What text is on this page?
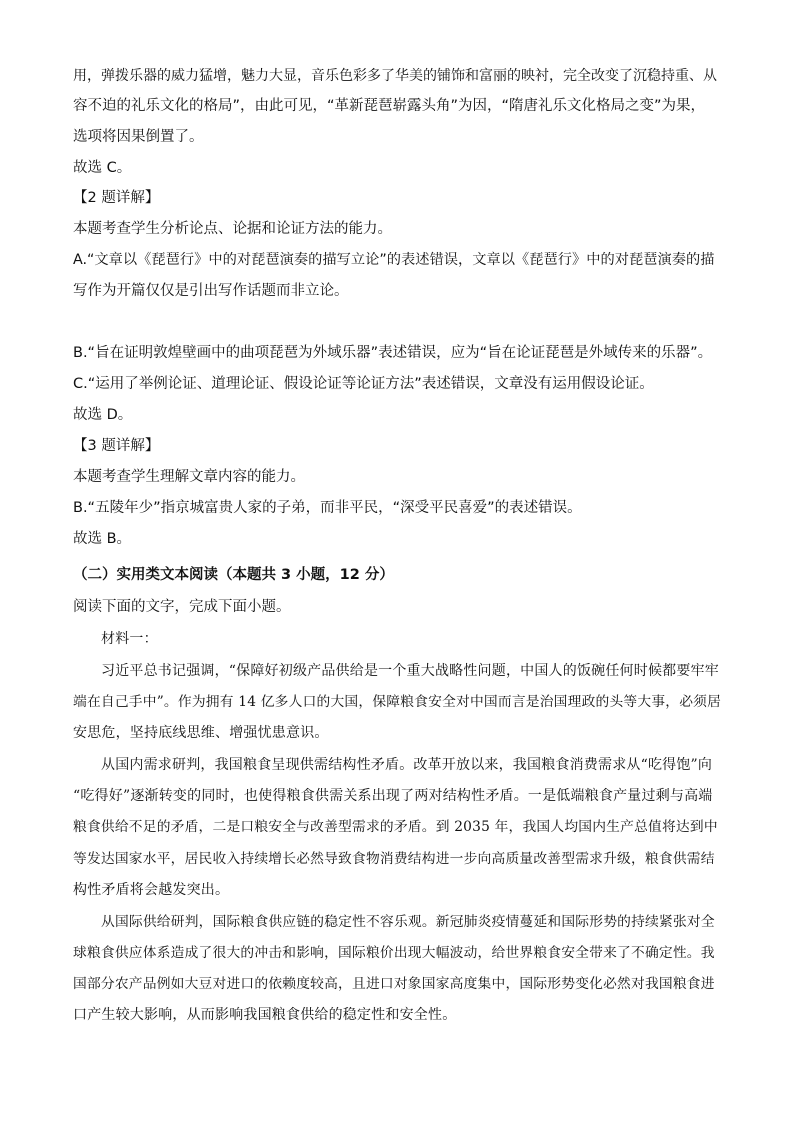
用，弹拨乐器的威力猛增，魅力大显，音乐色彩多了华美的铺饰和富丽的映衬，完全改变了沉稳持重、从
容不迫的礼乐文化的格局”，由此可见，“革新琵琶崭露头角”为因，“隋唐礼乐文化格局之变”为果，
选项将因果倒置了。
故选 C。
【2 题详解】
本题考查学生分析论点、论据和论证方法的能力。
A.“文章以《琵琶行》中的对琵琶演奏的描写立论”的表述错误，文章以《琵琶行》中的对琵琶演奏的描
写作为开篇仅仅是引出写作话题而非立论。
B.“旨在证明敦煌壁画中的曲项琵琶为外域乐器”表述错误，应为“旨在论证琵琶是外域传来的乐器”。
C.“运用了举例论证、道理论证、假设论证等论证方法”表述错误，文章没有运用假设论证。
故选 D。
【3 题详解】
本题考查学生理解文章内容的能力。
B.“五陵年少”指京城富贵人家的子弟，而非平民，“深受平民喜爱”的表述错误。
故选 B。
（二）实用类文本阅读（本题共 3 小题，12 分）
阅读下面的文字，完成下面小题。
材料一：
习近平总书记强调，“保障好初级产品供给是一个重大战略性问题，中国人的饭碗任何时候都要牢牢
端在自己手中”。作为拥有 14 亿多人口的大国，保障粮食安全对中国而言是治国理政的头等大事，必须居
安思危，坚持底线思维、增强忧患意识。
从国内需求研判，我国粮食呈现供需结构性矛盾。改革开放以来，我国粮食消费需求从“吃得饱”向
“吃得好”逐渐转变的同时，也使得粮食供需关系出现了两对结构性矛盾。一是低端粮食产量过剩与高端
粮食供给不足的矛盾，二是口粮安全与改善型需求的矛盾。到 2035 年，我国人均国内生产总值将达到中
等发达国家水平，居民收入持续增长必然导致食物消费结构进一步向高质量改善型需求升级，粮食供需结
构性矛盾将会越发突出。
从国际供给研判，国际粮食供应链的稳定性不容乐观。新冠肺炎疫情蔓延和国际形势的持续紧张对全
球粮食供应体系造成了很大的冲击和影响，国际粮价出现大幅波动，给世界粮食安全带来了不确定性。我
国部分农产品例如大豆对进口的依赖度较高，且进口对象国家高度集中，国际形势变化必然对我国粮食进
口产生较大影响，从而影响我国粮食供给的稳定性和安全性。
